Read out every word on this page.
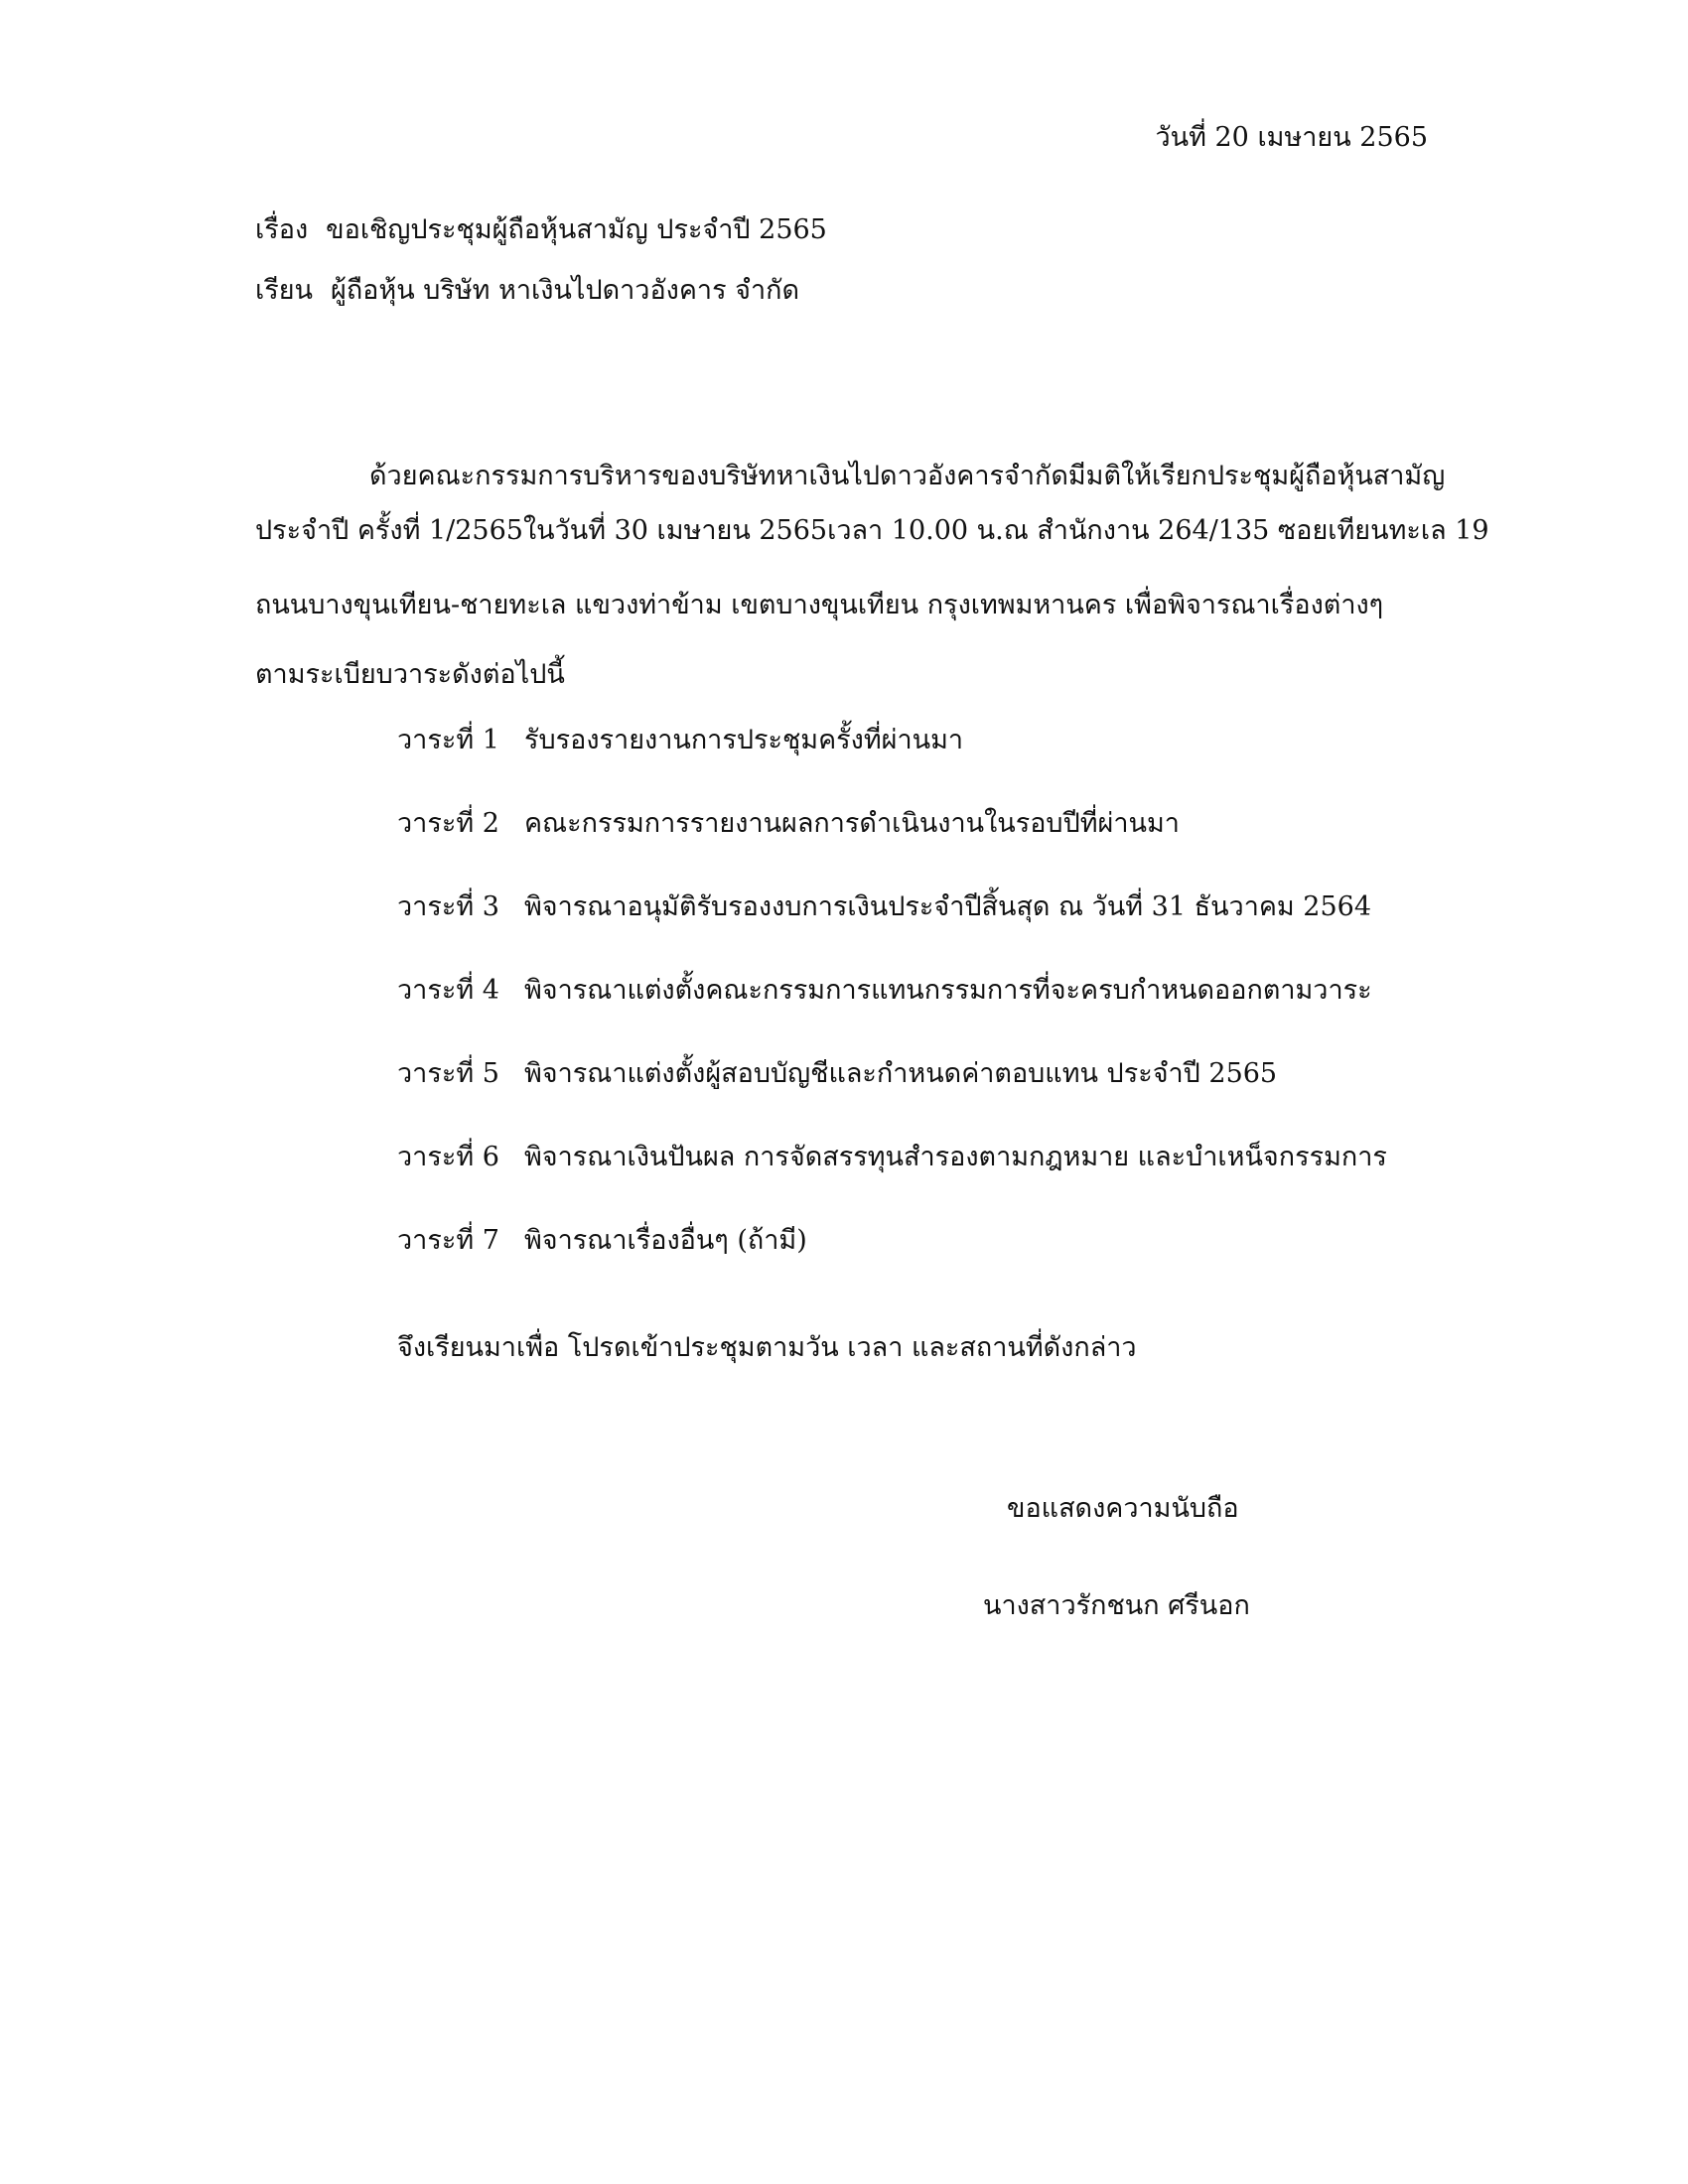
วันที่ 20 เมษายน 2565
เรื่อง ขอเชิญประชุมผู้ถือหุ้นสามัญ ประจำปี 2565
เรียน ผู้ถือหุ้น บริษัท หาเงินไปดาวอังคาร จำกัด
ด้วยคณะกรรมการบริหารของบริษัทหาเงินไปดาวอังคารจำกัดมีมติให้เรียกประชุมผู้ถือหุ้นสามัญ
ประจำปี ครั้งที่ 1/2565ในวันที่ 30 เมษายน 2565เวลา 10.00 น.ณ สำนักงาน 264/135 ซอยเทียนทะเล 19
ถนนบางขุนเทียน-ชายทะเล แขวงท่าข้าม เขตบางขุนเทียน กรุงเทพมหานคร เพื่อพิจารณาเรื่องต่างๆ
ตามระเบียบวาระดังต่อไปนี้
วาระที่ 1 รับรองรายงานการประชุมครั้งที่ผ่านมา
วาระที่ 2 คณะกรรมการรายงานผลการดำเนินงานในรอบปีที่ผ่านมา
วาระที่ 3 พิจารณาอนุมัติรับรองงบการเงินประจำปีสิ้นสุด ณ วันที่ 31 ธันวาคม 2564
วาระที่ 4 พิจารณาแต่งตั้งคณะกรรมการแทนกรรมการที่จะครบกำหนดออกตามวาระ
วาระที่ 5 พิจารณาแต่งตั้งผู้สอบบัญชีและกำหนดค่าตอบแทน ประจำปี 2565
วาระที่ 6 พิจารณาเงินปันผล การจัดสรรทุนสำรองตามกฎหมาย และบำเหน็จกรรมการ
วาระที่ 7 พิจารณาเรื่องอื่นๆ (ถ้ามี)
จึงเรียนมาเพื่อ โปรดเข้าประชุมตามวัน เวลา และสถานที่ดังกล่าว
ขอแสดงความนับถือ
นางสาวรักชนก ศรีนอก
